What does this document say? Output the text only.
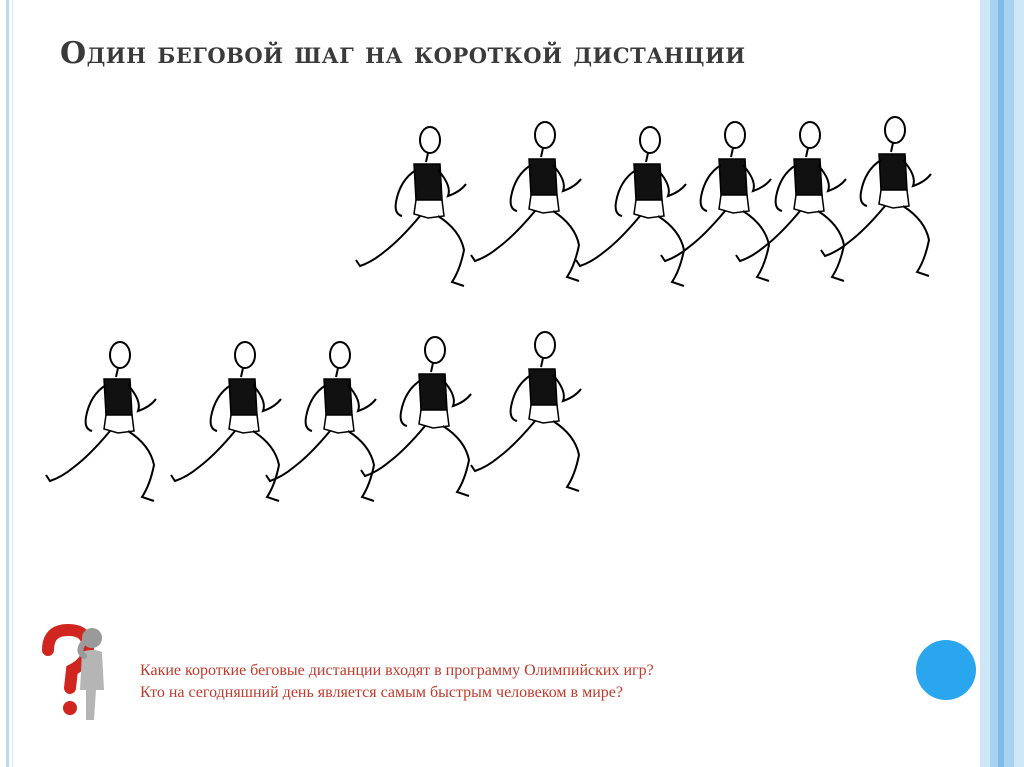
Один беговой шаг на короткой дистанции
Какие короткие беговые дистанции входят в программу Олимпийских игр?
Кто на сегодняшний день является самым быстрым человеком в мире?
